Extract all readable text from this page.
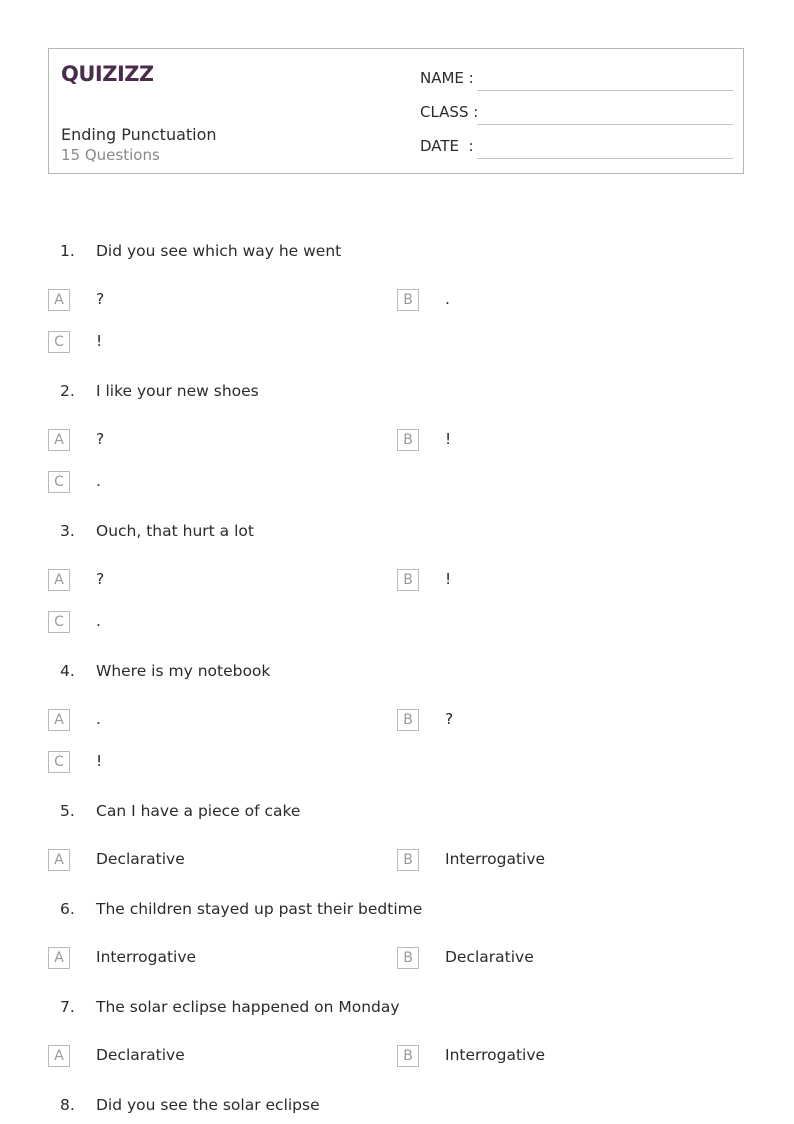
QUIZIZZ
Ending Punctuation
15 Questions
NAME :
CLASS :
DATE  :
1. Did you see which way he went
A	?	B	.
C	!
2. I like your new shoes
A	?	B	!
C	.
3. Ouch, that hurt a lot
A	?	B	!
C	.
4. Where is my notebook
A	.	B	?
C	!
5. Can I have a piece of cake
A	Declarative	B	Interrogative
6. The children stayed up past their bedtime
A	Interrogative	B	Declarative
7. The solar eclipse happened on Monday
A	Declarative	B	Interrogative
8. Did you see the solar eclipse
